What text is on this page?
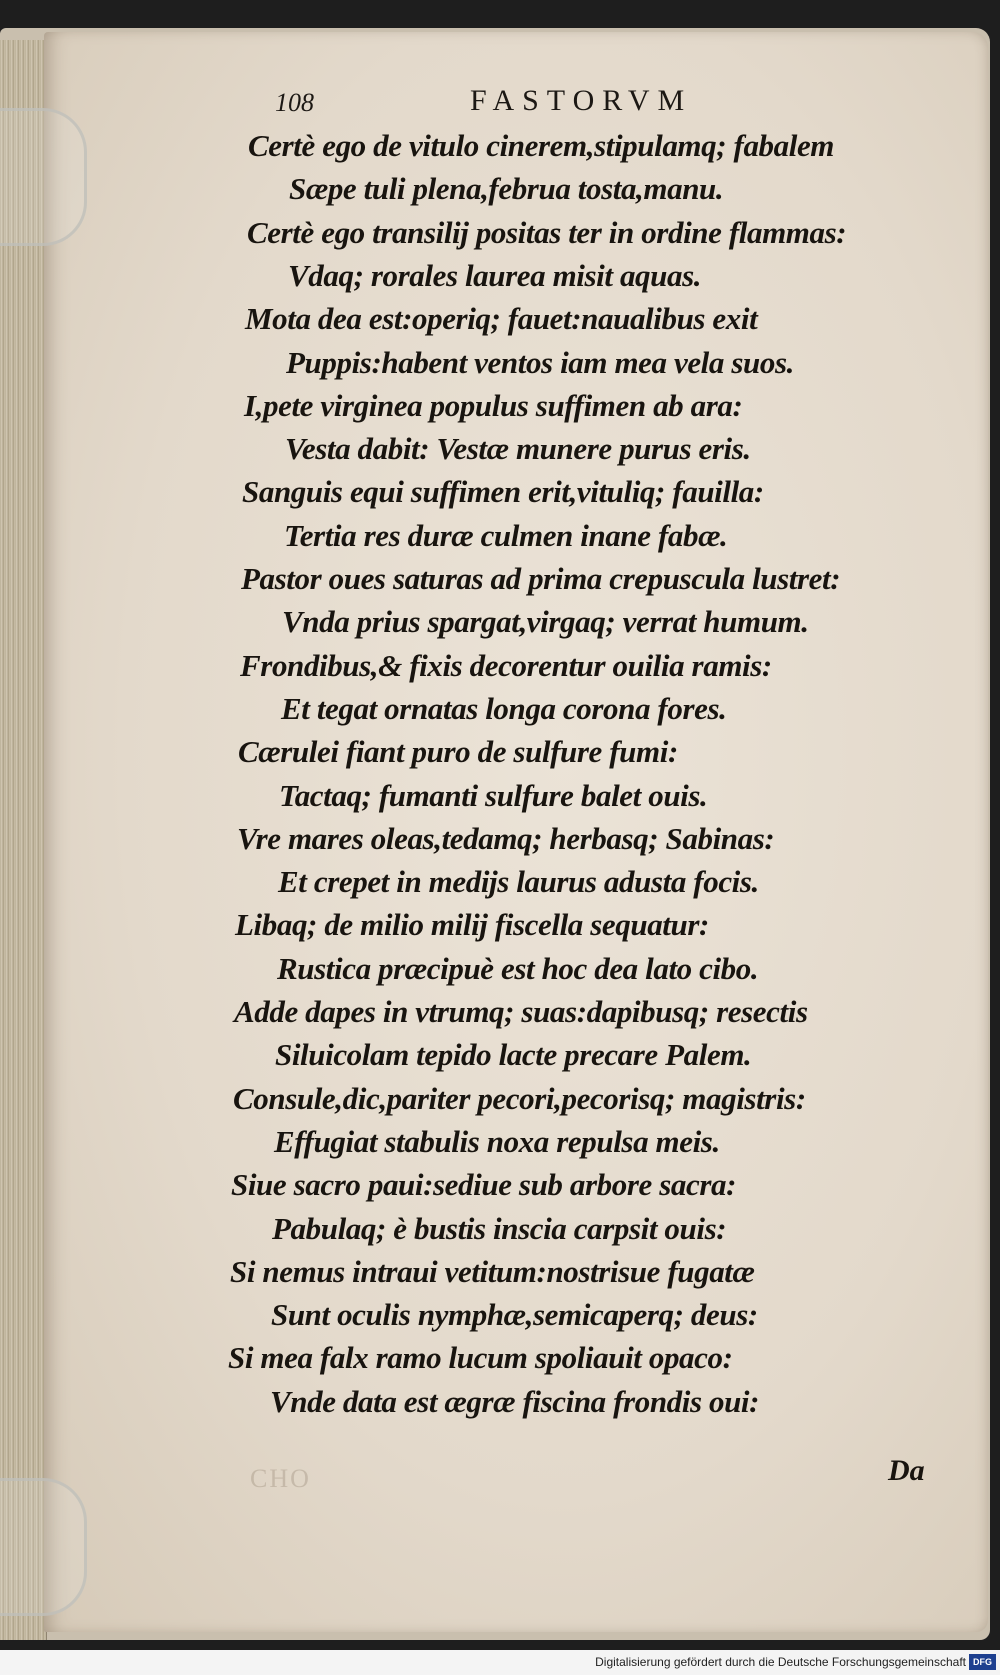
108	FASTORVM
Certè ego de vitulo cinerem,stipulamq; fabalem
Sæpe tuli plena,februa tosta,manu.
Certè ego transilij positas ter in ordine flammas:
Vdaq; rorales laurea misit aquas.
Mota dea est:operiq; fauet:naualibus exit
Puppis:habent ventos iam mea vela suos.
I,pete virginea populus suffimen ab ara:
Vesta dabit: Vestæ munere purus eris.
Sanguis equi suffimen erit,vituliq; fauilla:
Tertia res duræ culmen inane fabæ.
Pastor oues saturas ad prima crepuscula lustret:
Vnda prius spargat,virgaq; verrat humum.
Frondibus,& fixis decorentur ouilia ramis:
Et tegat ornatas longa corona fores.
Cærulei fiant puro de sulfure fumi:
Tactaq; fumanti sulfure balet ouis.
Vre mares oleas,tedamq; herbasq; Sabinas:
Et crepet in medijs laurus adusta focis.
Libaq; de milio milij fiscella sequatur:
Rustica præcipuè est hoc dea lato cibo.
Adde dapes in vtrumq; suas:dapibusq; resectis
Siluicolam tepido lacte precare Palem.
Consule,dic,pariter pecori,pecorisq; magistris:
Effugiat stabulis noxa repulsa meis.
Siue sacro paui:sediue sub arbore sacra:
Pabulaq; è bustis inscia carpsit ouis:
Si nemus intraui vetitum:nostrisue fugatæ
Sunt oculis nymphæ,semicaperq; deus:
Si mea falx ramo lucum spoliauit opaco:
Vnde data est ægræ fiscina frondis oui:
CHO	Da
Digitalisierung gefördert durch die Deutsche Forschungsgemeinschaft DFG
